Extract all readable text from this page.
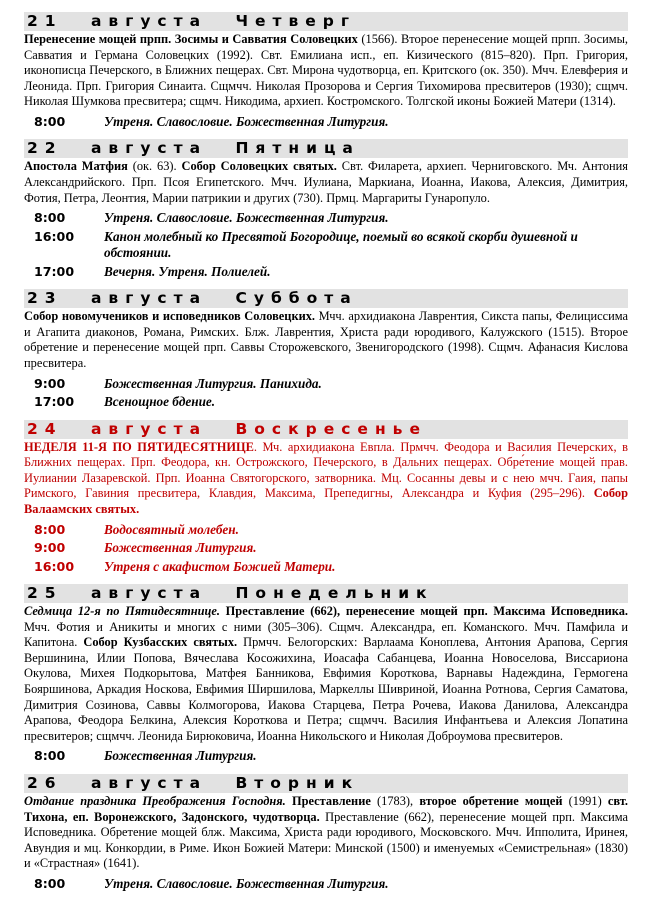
21 августа Четверг

Перенесение мощей прпп. Зосимы и Савватия Соловецких (1566). Второе перенесение мощей прпп. Зосимы, Савватия и Германа Соловецких (1992). Свт. Емилиана исп., еп. Кизического (815–820). Прп. Григория, иконописца Печерского, в Ближних пещерах. Свт. Мирона чудотворца, еп. Критского (ок. 350). Мчч. Елевферия и Леонида. Прп. Григория Синаита. Сщмчч. Николая Прозорова и Сергия Тихомирова пресвитеров (1930); сщмч. Николая Шумкова пресвитера; сщмч. Никодима, архиеп. Костромского. Толгской иконы Божией Матери (1314).

8:00	Утреня. Славословие. Божественная Литургия.
22 августа Пятница

Апостола Матфия (ок. 63). Собор Соловецких святых. Свт. Филарета, архиеп. Черниговского. Мч. Антония Александрийского. Прп. Псоя Египетского. Мчч. Иулиана, Маркиана, Иоанна, Иакова, Алексия, Димитрия, Фотия, Петра, Леонтия, Марии патрикии и других (730). Прмц. Маргариты Гунаропуло.

8:00	Утреня. Славословие. Божественная Литургия.
16:00	Канон молебный ко Пресвятой Богородице, поемый во всякой скорби душевной и обстоянии.
17:00	Вечерня. Утреня. Полиелей.
23 августа Суббота

Собор новомучеников и исповедников Соловецких. Мчч. архидиакона Лаврентия, Сикста папы, Фелициссима и Агапита диаконов, Романа, Римских. Блж. Лаврентия, Христа ради юродивого, Калужского (1515). Второе обретение и перенесение мощей прп. Саввы Сторожевского, Звенигородского (1998). Сщмч. Афанасия Кислова пресвитера.

9:00	Божественная Литургия. Панихида.
17:00	Всенощное бдение.
24 августа Воскресенье

НЕДЕЛЯ 11-Я ПО ПЯТИДЕСЯТНИЦЕ. Мч. архидиакона Евпла. Прмчч. Феодора и Василия Печерских, в Ближних пещерах. Прп. Феодора, кн. Острожского, Печерского, в Дальних пещерах. Обре́тение мощей прав. Иулиании Лазаревской. Прп. Иоанна Святогорского, затворника. Мц. Сосанны девы и с нею мчч. Гаия, папы Римского, Гавиния пресвитера, Клавдия, Максима, Препедигны, Александра и Куфия (295–296). Собор Валаамских святых.

8:00	Водосвятный молебен.
9:00	Божественная Литургия.
16:00	Утреня с акафистом Божией Матери.
25 августа Понедельник

Седмица 12-я по Пятидесятнице. Преставление (662), перенесение мощей прп. Максима Исповедника. Мчч. Фотия и Аникиты и многих с ними (305–306). Сщмч. Александра, еп. Команского. Мчч. Памфила и Капитона. Собор Кузбасских святых. Прмчч. Белогорских: Варлаама Коноплева, Антония Арапова, Сергия Вершинина, Илии Попова, Вячеслава Косожихина, Иоасафа Сабанцева, Иоанна Новоселова, Виссариона Окулова, Михея Подкорытова, Матфея Банникова, Евфимия Короткова, Варнавы Надеждина, Гермогена Бояршинова, Аркадия Носкова, Евфимия Ширшилова, Маркеллы Шивриной, Иоанна Ротнова, Сергия Саматова, Димитрия Созинова, Саввы Колмогорова, Иакова Старцева, Петра Рочева, Иакова Данилова, Александра Арапова, Феодора Белкина, Алексия Короткова и Петра; сщмчч. Василия Инфантьева и Алексия Лопатина пресвитеров; сщмчч. Леонида Бирюковича, Иоанна Никольского и Николая Доброумова пресвитеров.

8:00	Божественная Литургия.
26 августа Вторник

Отдание праздника Преображения Господня. Преставление (1783), второе обретение мощей (1991) свт. Тихона, еп. Воронежского, Задонского, чудотворца. Преставление (662), перенесение мощей прп. Максима Исповедника. Обретение мощей блж. Максима, Христа ради юродивого, Московского. Мчч. Ипполита, Иринея, Авундия и мц. Конкордии, в Риме. Икон Божией Матери: Минской (1500) и именуемых «Семистрельная» (1830) и «Страстная» (1641).

8:00	Утреня. Славословие. Божественная Литургия.
